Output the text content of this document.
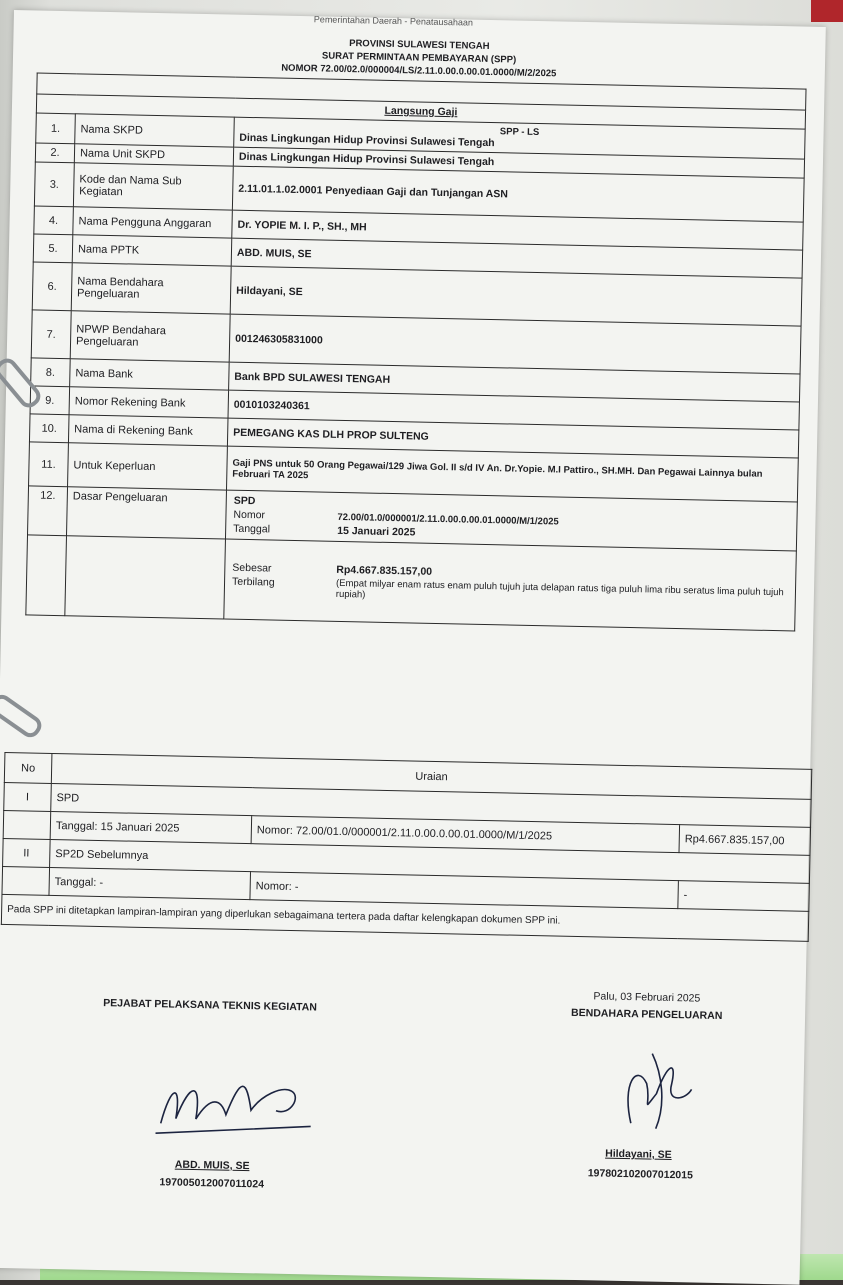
Pemerintahan Daerah - Penatausahaan
PROVINSI SULAWESI TENGAH
SURAT PERMINTAAN PEMBAYARAN (SPP)
NOMOR 72.00/02.0/000004/LS/2.11.0.00.0.00.01.0000/M/2/2025

Langsung Gaji
1.	Nama SKPD	SPP - LS
Dinas Lingkungan Hidup Provinsi Sulawesi Tengah

2.	Nama Unit SKPD	Dinas Lingkungan Hidup Provinsi Sulawesi Tengah
3.	Kode dan Nama Sub Kegiatan	2.11.01.1.02.0001 Penyediaan Gaji dan Tunjangan ASN
4.	Nama Pengguna Anggaran	Dr. YOPIE M. I. P., SH., MH
5.	Nama PPTK	ABD. MUIS, SE
6.	Nama Bendahara Pengeluaran	Hildayani, SE
7.	NPWP Bendahara Pengeluaran	001246305831000
8.	Nama Bank	Bank BPD SULAWESI TENGAH
9.	Nomor Rekening Bank	0010103240361
10.	Nama di Rekening Bank	PEMEGANG KAS DLH PROP SULTENG
11.	Untuk Keperluan	Gaji PNS untuk 50 Orang Pegawai/129 Jiwa Gol. II s/d IV An. Dr.Yopie. M.I Pattiro., SH.MH. Dan Pegawai Lainnya bulan Februari TA 2025
12.	Dasar Pengeluaran		SPD
Nomor	72.00/01.0/000001/2.11.0.00.0.00.01.0000/M/1/2025
Tanggal	15 Januari 2025

Sebesar	Rp4.667.835.157,00
Terbilang	(Empat milyar enam ratus enam puluh tujuh juta delapan ratus tiga puluh lima ribu seratus lima puluh tujuh rupiah)
No	Uraian		
I	SPD		
	Tanggal: 15 Januari 2025	Nomor: 72.00/01.0/000001/2.11.0.00.0.00.01.0000/M/1/2025	Rp4.667.835.157,00
II	SP2D Sebelumnya		
	Tanggal: -	Nomor: -	-
Pada SPP ini ditetapkan lampiran-lampiran yang diperlukan sebagaimana tertera pada daftar kelengkapan dokumen SPP ini.			
PEJABAT PELAKSANA TEKNIS KEGIATAN
ABD. MUIS, SE
197005012007011024
Palu, 03 Februari 2025
BENDAHARA PENGELUARAN
Hildayani, SE
197802102007012015
